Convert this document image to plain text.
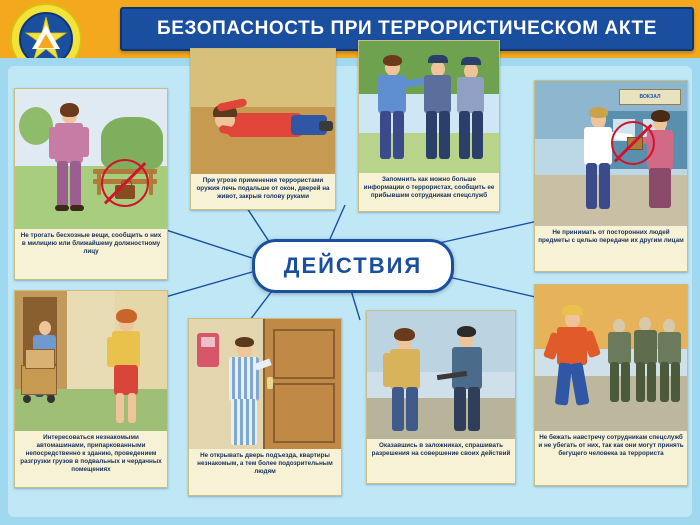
БЕЗОПАСНОСТЬ ПРИ ТЕРРОРИСТИЧЕСКОМ АКТЕ
ДЕЙСТВИЯ
Не трогать бесхозные вещи, сообщить о них в милицию или ближайшему должностному лицу
При угрозе применения террористами оружия лечь подальше от окон, дверей на живот, закрыв голову руками
Запомнить как можно больше информации о террористах, сообщить ее прибывшим сотрудникам спецслужб
ВОКЗАЛ
Не принимать от посторонних людей предметы с целью передачи их другим лицам
Интересоваться незнакомыми автомашинами, припаркованными непосредственно к зданию, проведением разгрузки грузов в подвальных и чердачных помещениях
Не открывать дверь подъезда, квартиры незнакомым, а тем более подозрительным людям
Оказавшись в заложниках, спрашивать разрешения на совершение своих действий
Не бежать навстречу сотрудникам спецслужб и не убегать от них, так как они могут принять бегущего человека за террориста
